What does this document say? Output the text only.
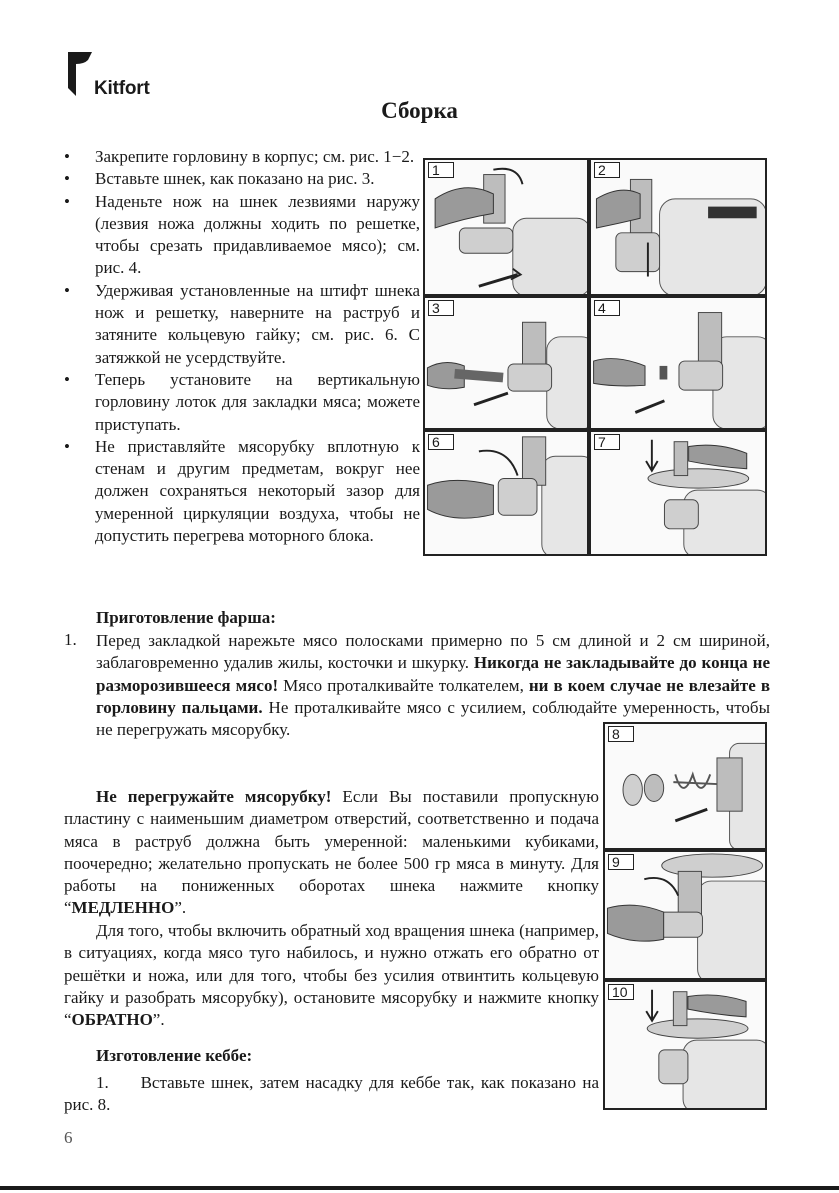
Kitfort
Сборка
• Закрепите горловину в корпус; см. рис. 1−2.
• Вставьте шнек, как показано на рис. 3.
• Наденьте нож на шнек лезвиями наружу (лезвия ножа должны ходить по решетке, чтобы срезать придавливаемое мясо); см. рис. 4.
• Удерживая установленные на штифт шнека нож и решетку, наверните на раструб и затяните кольцевую гайку; см. рис. 6. С затяжкой не усердствуйте.
• Теперь установите на вертикальную горловину лоток для закладки мяса; можете приступать.
• Не приставляйте мясорубку вплотную к стенам и другим предметам, вокруг нее должен сохраняться некоторый зазор для умеренной циркуляции воздуха, чтобы не допустить перегрева моторного блока.
1	2
3	4
6	7
Приготовление фарша:
1. Перед закладкой нарежьте мясо полосками примерно по 5 см длиной и 2 см шириной, заблаговременно удалив жилы, косточки и шкурку. Никогда не закладывайте до конца не разморозившееся мясо! Мясо проталкивайте толкателем, ни в коем случае не влезайте в горловину пальцами. Не проталкивайте мясо с усилием, соблюдайте умеренность, чтобы не перегружать мясорубку.	8
9
10

Не перегружайте мясорубку! Если Вы поставили пропускную пластину с наименьшим диаметром отверстий, соответственно и подача мяса в раструб должна быть умеренной: маленькими кубиками, поочередно; желательно пропускать не более 500 гр мяса в минуту. Для работы на пониженных оборотах шнека нажмите кнопку “МЕДЛЕННО”.

Для того, чтобы включить обратный ход вращения шнека (например, в ситуациях, когда мясо туго набилось, и нужно отжать его обратно от решётки и ножа, или для того, чтобы без усилия отвинтить кольцевую гайку и разобрать мясорубку), остановите мясорубку и нажмите кнопку “ОБРАТНО”.

Изготовление кеббе:

1. Вставьте шнек, затем насадку для кеббе так, как показано на рис. 8.

6
